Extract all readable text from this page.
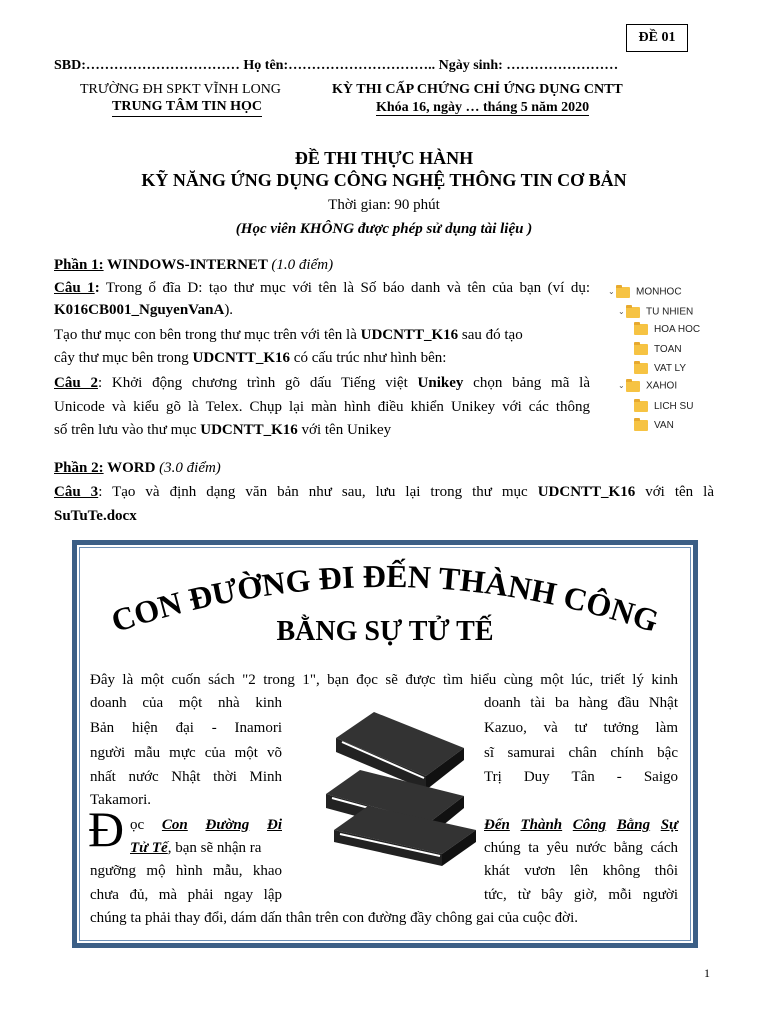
ĐỀ 01
SBD:…………………………… Họ tên:………………………….. Ngày sinh: ……………………
TRƯỜNG ĐH SPKT VĨNH LONG
TRUNG TÂM TIN HỌC
KỲ THI CẤP CHỨNG CHỈ ỨNG DỤNG CNTT
Khóa 16, ngày … tháng 5 năm 2020
ĐỀ THI THỰC HÀNH
KỸ NĂNG ỨNG DỤNG CÔNG NGHỆ THÔNG TIN CƠ BẢN
Thời gian: 90 phút
(Học viên KHÔNG được phép sử dụng tài liệu )
Phần 1: WINDOWS-INTERNET (1.0 điểm)
Câu 1: Trong ổ đĩa D: tạo thư mục với tên là Số báo danh và tên của bạn (ví dụ:
K016CB001_NguyenVanA).
Tạo thư mục con bên trong thư mục trên với tên là UDCNTT_K16 sau đó tạo
cây thư mục bên trong UDCNTT_K16 có cấu trúc như hình bên:
Câu 2: Khởi động chương trình gõ dấu Tiếng việt Unikey chọn bảng mã là
Unicode và kiểu gõ là Telex. Chụp lại màn hình điều khiển Unikey với các thông
số trên lưu vào thư mục UDCNTT_K16 với tên Unikey
⌄ MONHOC
⌄ TU NHIEN
HOA HOC
TOAN
VAT LY
⌄ XAHOI
LICH SU
VAN
Phần 2: WORD (3.0 điểm)
Câu 3: Tạo và định dạng văn bản như sau, lưu lại trong thư mục UDCNTT_K16 với tên là
SuTuTe.docx
CON ĐƯỜNG ĐI ĐẾN THÀNH CÔNG
BẰNG SỰ TỬ TẾ
Đây là một cuốn sách "2 trong 1", bạn đọc sẽ được tìm hiểu cùng một lúc, triết lý kinh
doanh của một nhà kinh
Bản hiện đại - Inamori
người mẫu mực của một võ
nhất nước Nhật thời Minh
Takamori.
doanh tài ba hàng đầu Nhật
Kazuo, và tư tưởng làm
sĩ samurai chân chính bậc
Trị Duy Tân - Saigo
Đ ọc Con Đường Đi
Tử Tế, bạn sẽ nhận ra
ngưỡng mộ hình mẫu, khao
chưa đủ, mà phải ngay lập
Đến Thành Công Bằng Sự
chúng ta yêu nước bằng cách
khát vươn lên không thôi
tức, từ bây giờ, mỗi người
chúng ta phải thay đổi, dám dấn thân trên con đường đầy chông gai của cuộc đời.
1
